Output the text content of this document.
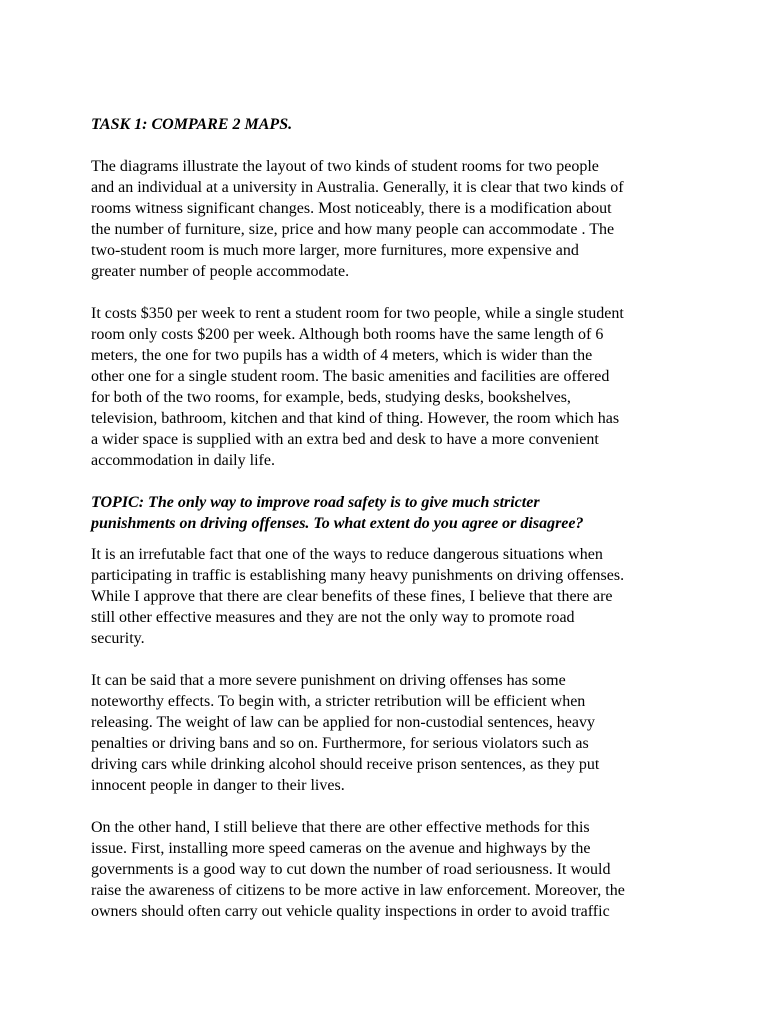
TASK 1: COMPARE 2 MAPS.
The diagrams illustrate the layout of two kinds of student rooms for two people
and an individual at a university in Australia. Generally, it is clear that two kinds of
rooms witness significant changes. Most noticeably, there is a modification about
the number of furniture, size, price and how many people can accommodate . The
two-student room is much more larger, more furnitures, more expensive and
greater number of people accommodate.
It costs $350 per week to rent a student room for two people, while a single student
room only costs $200 per week. Although both rooms have the same length of 6
meters, the one for two pupils has a width of 4 meters, which is wider than the
other one for a single student room. The basic amenities and facilities are offered
for both of the two rooms, for example, beds, studying desks, bookshelves,
television, bathroom, kitchen and that kind of thing. However, the room which has
a wider space is supplied with an extra bed and desk to have a more convenient
accommodation in daily life.
TOPIC: The only way to improve road safety is to give much stricter
punishments on driving offenses. To what extent do you agree or disagree?
It is an irrefutable fact that one of the ways to reduce dangerous situations when
participating in traffic is establishing many heavy punishments on driving offenses.
While I approve that there are clear benefits of these fines, I believe that there are
still other effective measures and they are not the only way to promote road
security.
It can be said that a more severe punishment on driving offenses has some
noteworthy effects. To begin with, a stricter retribution will be efficient when
releasing. The weight of law can be applied for non-custodial sentences, heavy
penalties or driving bans and so on. Furthermore, for serious violators such as
driving cars while drinking alcohol should receive prison sentences, as they put
innocent people in danger to their lives.
On the other hand, I still believe that there are other effective methods for this
issue. First, installing more speed cameras on the avenue and highways by the
governments is a good way to cut down the number of road seriousness. It would
raise the awareness of citizens to be more active in law enforcement. Moreover, the
owners should often carry out vehicle quality inspections in order to avoid traffic
